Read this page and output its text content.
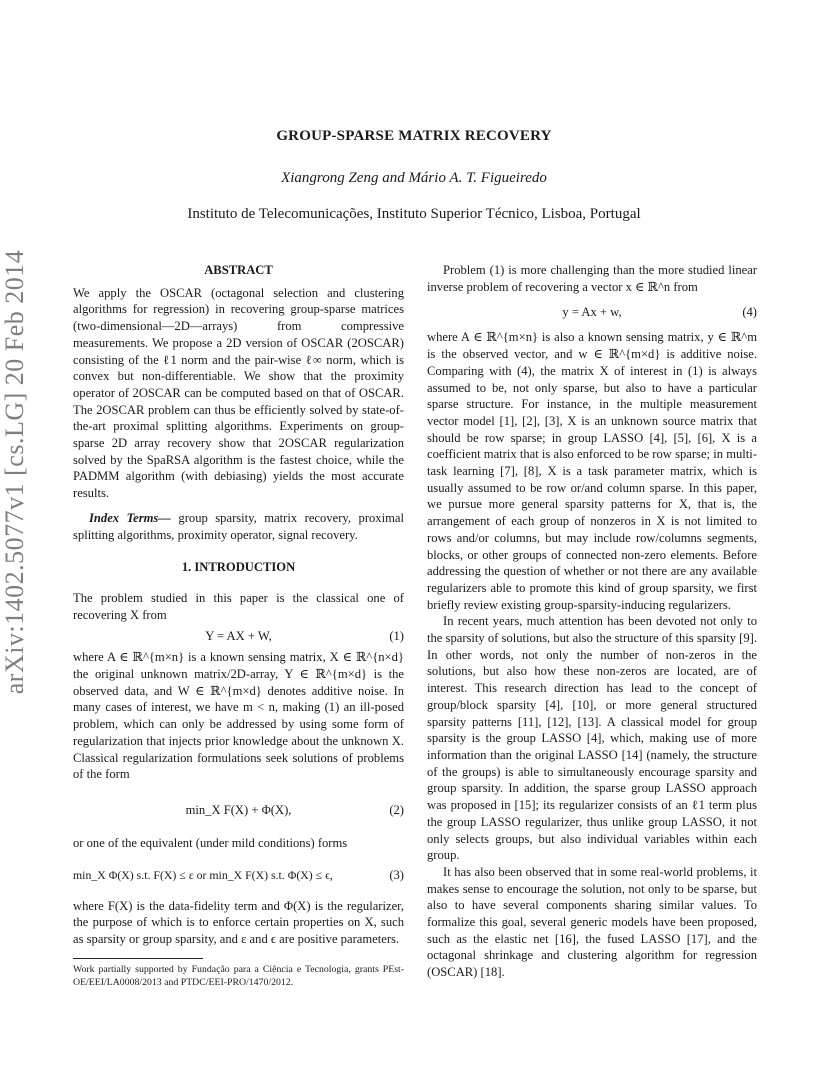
GROUP-SPARSE MATRIX RECOVERY
Xiangrong Zeng and Mário A. T. Figueiredo
Instituto de Telecomunicações, Instituto Superior Técnico, Lisboa, Portugal
arXiv:1402.5077v1 [cs.LG] 20 Feb 2014	ABSTRACT

We apply the OSCAR (octagonal selection and clustering algorithms for regression) in recovering group-sparse matrices (two-dimensional—2D—arrays) from compressive measurements. We propose a 2D version of OSCAR (2OSCAR) consisting of the ℓ1 norm and the pair-wise ℓ∞ norm, which is convex but non-differentiable. We show that the proximity operator of 2OSCAR can be computed based on that of OSCAR. The 2OSCAR problem can thus be efficiently solved by state-of-the-art proximal splitting algorithms. Experiments on group-sparse 2D array recovery show that 2OSCAR regularization solved by the SpaRSA algorithm is the fastest choice, while the PADMM algorithm (with debiasing) yields the most accurate results.

Index Terms— group sparsity, matrix recovery, proximal splitting algorithms, proximity operator, signal recovery.

1. INTRODUCTION

The problem studied in this paper is the classical one of recovering X from

Y = AX + W,	(1)

where A ∈ ℝ^{m×n} is a known sensing matrix, X ∈ ℝ^{n×d} the original unknown matrix/2D-array, Y ∈ ℝ^{m×d} is the observed data, and W ∈ ℝ^{m×d} denotes additive noise. In many cases of interest, we have m < n, making (1) an ill-posed problem, which can only be addressed by using some form of regularization that injects prior knowledge about the unknown X. Classical regularization formulations seek solutions of problems of the form

min_X F(X) + Φ(X),	(2)

or one of the equivalent (under mild conditions) forms

min_X Φ(X) s.t. F(X) ≤ ε or min_X F(X) s.t. Φ(X) ≤ ϵ,	(3)

where F(X) is the data-fidelity term and Φ(X) is the regularizer, the purpose of which is to enforce certain properties on X, such as sparsity or group sparsity, and ε and ϵ are positive parameters.

Work partially supported by Fundação para a Ciência e Tecnologia, grants PEst-OE/EEI/LA0008/2013 and PTDC/EEI-PRO/1470/2012.

Problem (1) is more challenging than the more studied linear inverse problem of recovering a vector x ∈ ℝ^n from

y = Ax + w,	(4)

where A ∈ ℝ^{m×n} is also a known sensing matrix, y ∈ ℝ^m is the observed vector, and w ∈ ℝ^{m×d} is additive noise. Comparing with (4), the matrix X of interest in (1) is always assumed to be, not only sparse, but also to have a particular sparse structure. For instance, in the multiple measurement vector model [1], [2], [3], X is an unknown source matrix that should be row sparse; in group LASSO [4], [5], [6], X is a coefficient matrix that is also enforced to be row sparse; in multi-task learning [7], [8], X is a task parameter matrix, which is usually assumed to be row or/and column sparse. In this paper, we pursue more general sparsity patterns for X, that is, the arrangement of each group of nonzeros in X is not limited to rows and/or columns, but may include row/columns segments, blocks, or other groups of connected non-zero elements. Before addressing the question of whether or not there are any available regularizers able to promote this kind of group sparsity, we first briefly review existing group-sparsity-inducing regularizers.

In recent years, much attention has been devoted not only to the sparsity of solutions, but also the structure of this sparsity [9]. In other words, not only the number of non-zeros in the solutions, but also how these non-zeros are located, are of interest. This research direction has lead to the concept of group/block sparsity [4], [10], or more general structured sparsity patterns [11], [12], [13]. A classical model for group sparsity is the group LASSO [4], which, making use of more information than the original LASSO [14] (namely, the structure of the groups) is able to simultaneously encourage sparsity and group sparsity. In addition, the sparse group LASSO approach was proposed in [15]; its regularizer consists of an ℓ1 term plus the group LASSO regularizer, thus unlike group LASSO, it not only selects groups, but also individual variables within each group.

It has also been observed that in some real-world problems, it makes sense to encourage the solution, not only to be sparse, but also to have several components sharing similar values. To formalize this goal, several generic models have been proposed, such as the elastic net [16], the fused LASSO [17], and the octagonal shrinkage and clustering algorithm for regression (OSCAR) [18].
